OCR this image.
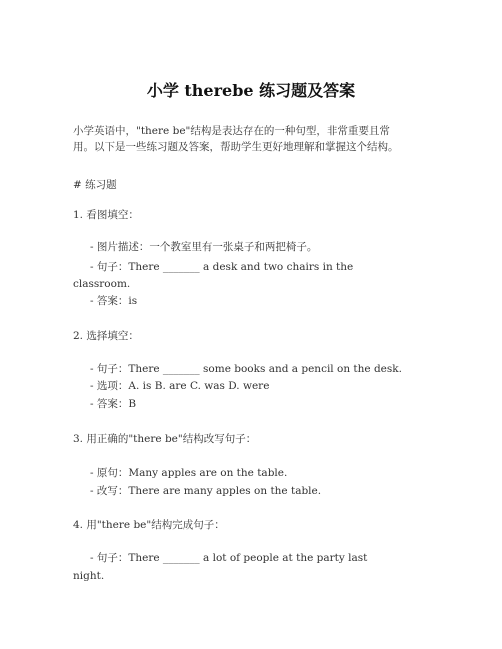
小学 therebe 练习题及答案
小学英语中，"there be"结构是表达存在的一种句型，非常重要且常
用。以下是一些练习题及答案，帮助学生更好地理解和掌握这个结构。
# 练习题
1. 看图填空：
- 图片描述：一个教室里有一张桌子和两把椅子。
- 句子：There _______ a desk and two chairs in the
classroom.
- 答案：is
2. 选择填空：
- 句子：There _______ some books and a pencil on the desk.
- 选项：A. is B. are C. was D. were
- 答案：B
3. 用正确的"there be"结构改写句子：
- 原句：Many apples are on the table.
- 改写：There are many apples on the table.
4. 用"there be"结构完成句子：
- 句子：There _______ a lot of people at the party last
night.
